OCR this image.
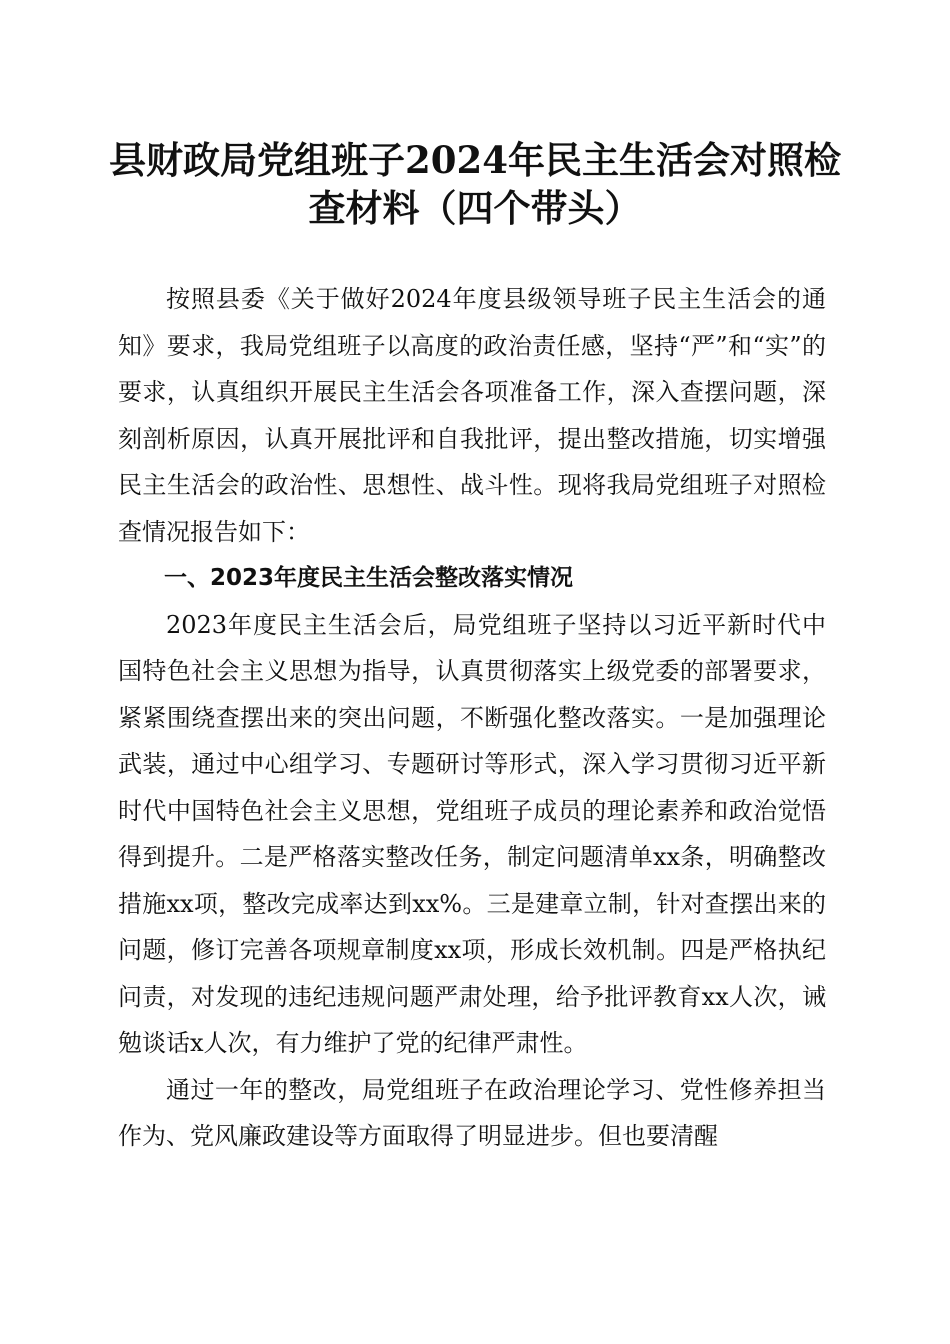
县财政局党组班子2024年民主生活会对照检查材料（四个带头）

按照县委《关于做好2024年度县级领导班子民主生活会的通知》要求，我局党组班子以高度的政治责任感，坚持“严”和“实”的要求，认真组织开展民主生活会各项准备工作，深入查摆问题，深刻剖析原因，认真开展批评和自我批评，提出整改措施，切实增强民主生活会的政治性、思想性、战斗性。现将我局党组班子对照检查情况报告如下：

一、2023年度民主生活会整改落实情况

2023年度民主生活会后，局党组班子坚持以习近平新时代中国特色社会主义思想为指导，认真贯彻落实上级党委的部署要求，紧紧围绕查摆出来的突出问题，不断强化整改落实。一是加强理论武装，通过中心组学习、专题研讨等形式，深入学习贯彻习近平新时代中国特色社会主义思想，党组班子成员的理论素养和政治觉悟得到提升。二是严格落实整改任务，制定问题清单xx条，明确整改措施xx项，整改完成率达到xx%。三是建章立制，针对查摆出来的问题，修订完善各项规章制度xx项，形成长效机制。四是严格执纪问责，对发现的违纪违规问题严肃处理，给予批评教育xx人次，诫勉谈话x人次，有力维护了党的纪律严肃性。

通过一年的整改，局党组班子在政治理论学习、党性修养担当作为、党风廉政建设等方面取得了明显进步。但也要清醒
